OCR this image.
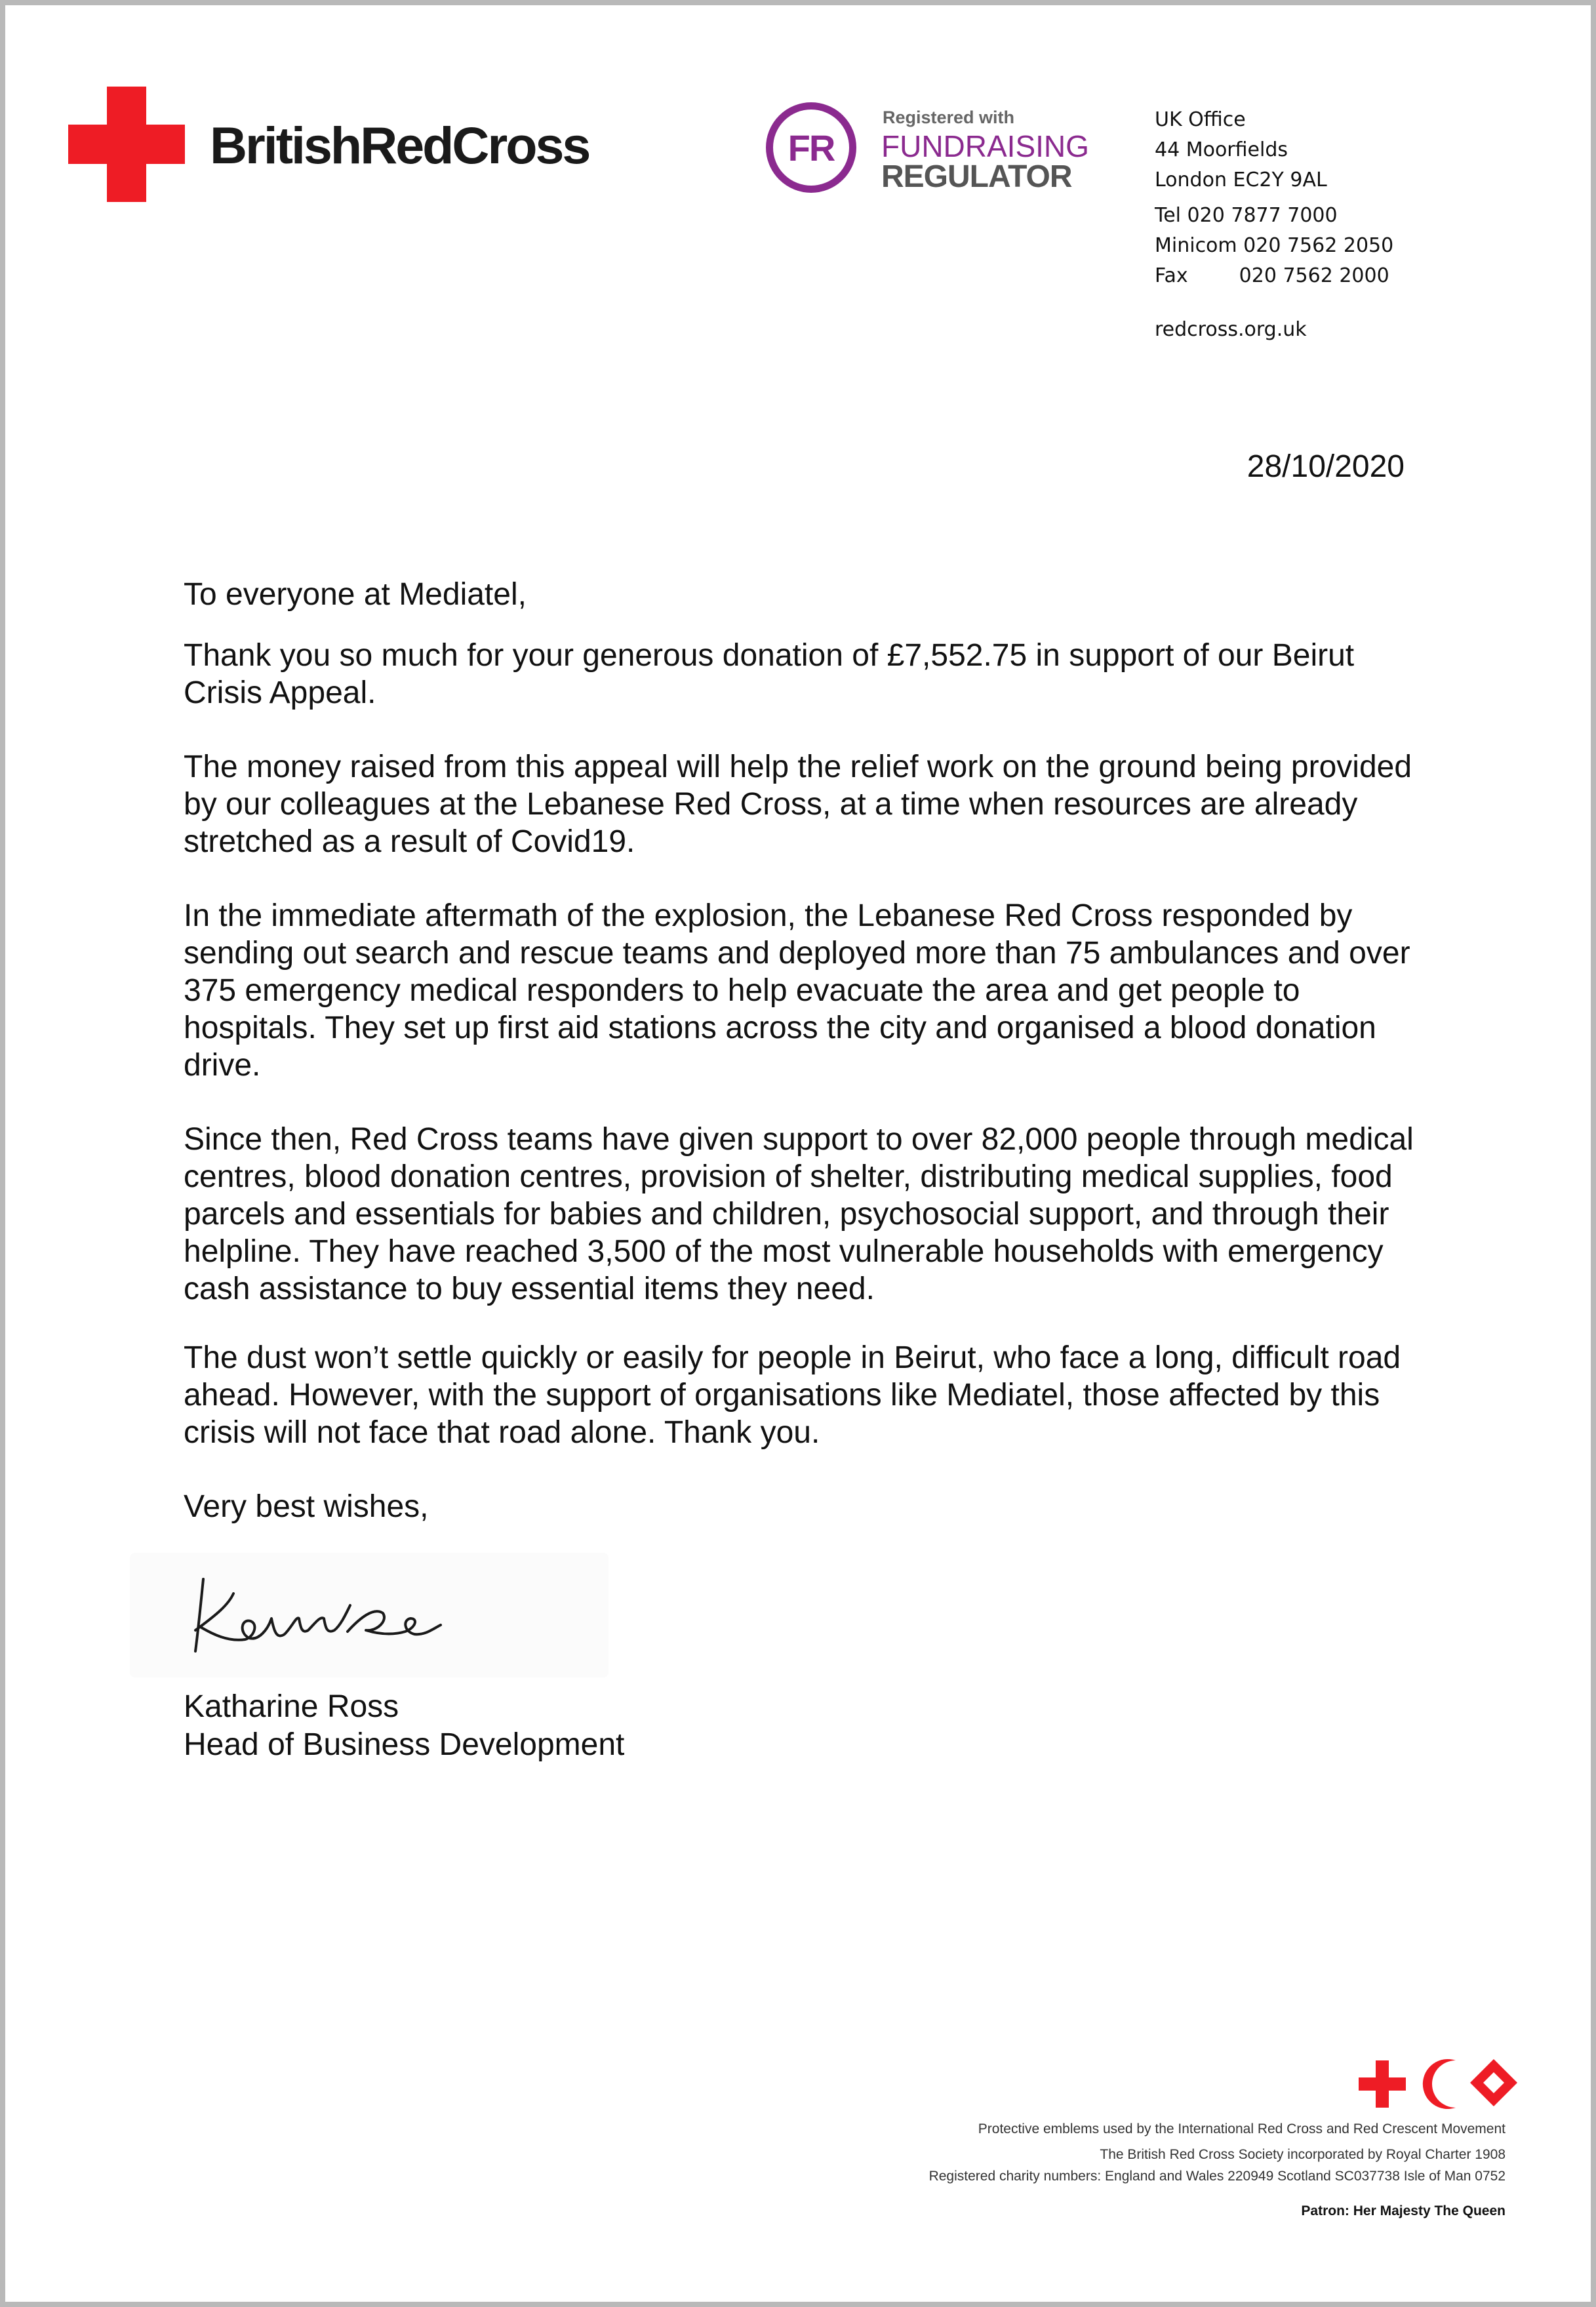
BritishRedCross	FR
Registered with
FUNDRAISING
REGULATOR
UK Office
44 Moorfields
London EC2Y 9AL
Tel 020 7877 7000
Minicom 020 7562 2050
Fax	020 7562 2000
redcross.org.uk
28/10/2020

To everyone at Mediatel,

Thank you so much for your generous donation of £7,552.75 in support of our Beirut Crisis Appeal.

The money raised from this appeal will help the relief work on the ground being provided by our colleagues at the Lebanese Red Cross, at a time when resources are already stretched as a result of Covid19.

In the immediate aftermath of the explosion, the Lebanese Red Cross responded by sending out search and rescue teams and deployed more than 75 ambulances and over 375 emergency medical responders to help evacuate the area and get people to hospitals. They set up first aid stations across the city and organised a blood donation drive.

Since then, Red Cross teams have given support to over 82,000 people through medical centres, blood donation centres, provision of shelter, distributing medical supplies, food parcels and essentials for babies and children, psychosocial support, and through their helpline. They have reached 3,500 of the most vulnerable households with emergency cash assistance to buy essential items they need.

The dust won’t settle quickly or easily for people in Beirut, who face a long, difficult road ahead. However, with the support of organisations like Mediatel, those affected by this crisis will not face that road alone. Thank you.

Very best wishes,

Katharine Ross
Head of Business Development
Protective emblems used by the International Red Cross and Red Crescent Movement
The British Red Cross Society incorporated by Royal Charter 1908
Registered charity numbers: England and Wales 220949 Scotland SC037738 Isle of Man 0752
Patron: Her Majesty The Queen
